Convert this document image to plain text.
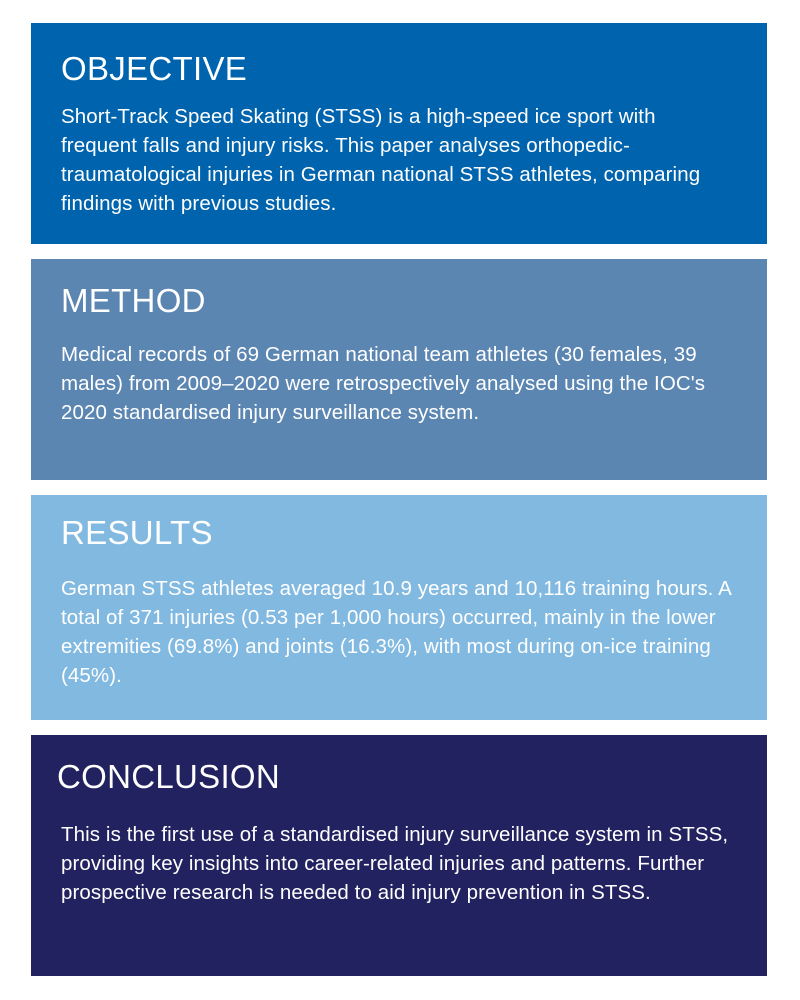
OBJECTIVE

Short-Track Speed Skating (STSS) is a high-speed ice sport with frequent falls and injury risks. This paper analyses orthopedic-traumatological injuries in German national STSS athletes, comparing findings with previous studies.

METHOD

Medical records of 69 German national team athletes (30 females, 39 males) from 2009–2020 were retrospectively analysed using the IOC's 2020 standardised injury surveillance system.

RESULTS

German STSS athletes averaged 10.9 years and 10,116 training hours. A total of 371 injuries (0.53 per 1,000 hours) occurred, mainly in the lower extremities (69.8%) and joints (16.3%), with most during on-ice training (45%).

CONCLUSION

This is the first use of a standardised injury surveillance system in STSS, providing key insights into career-related injuries and patterns. Further prospective research is needed to aid injury prevention in STSS.
